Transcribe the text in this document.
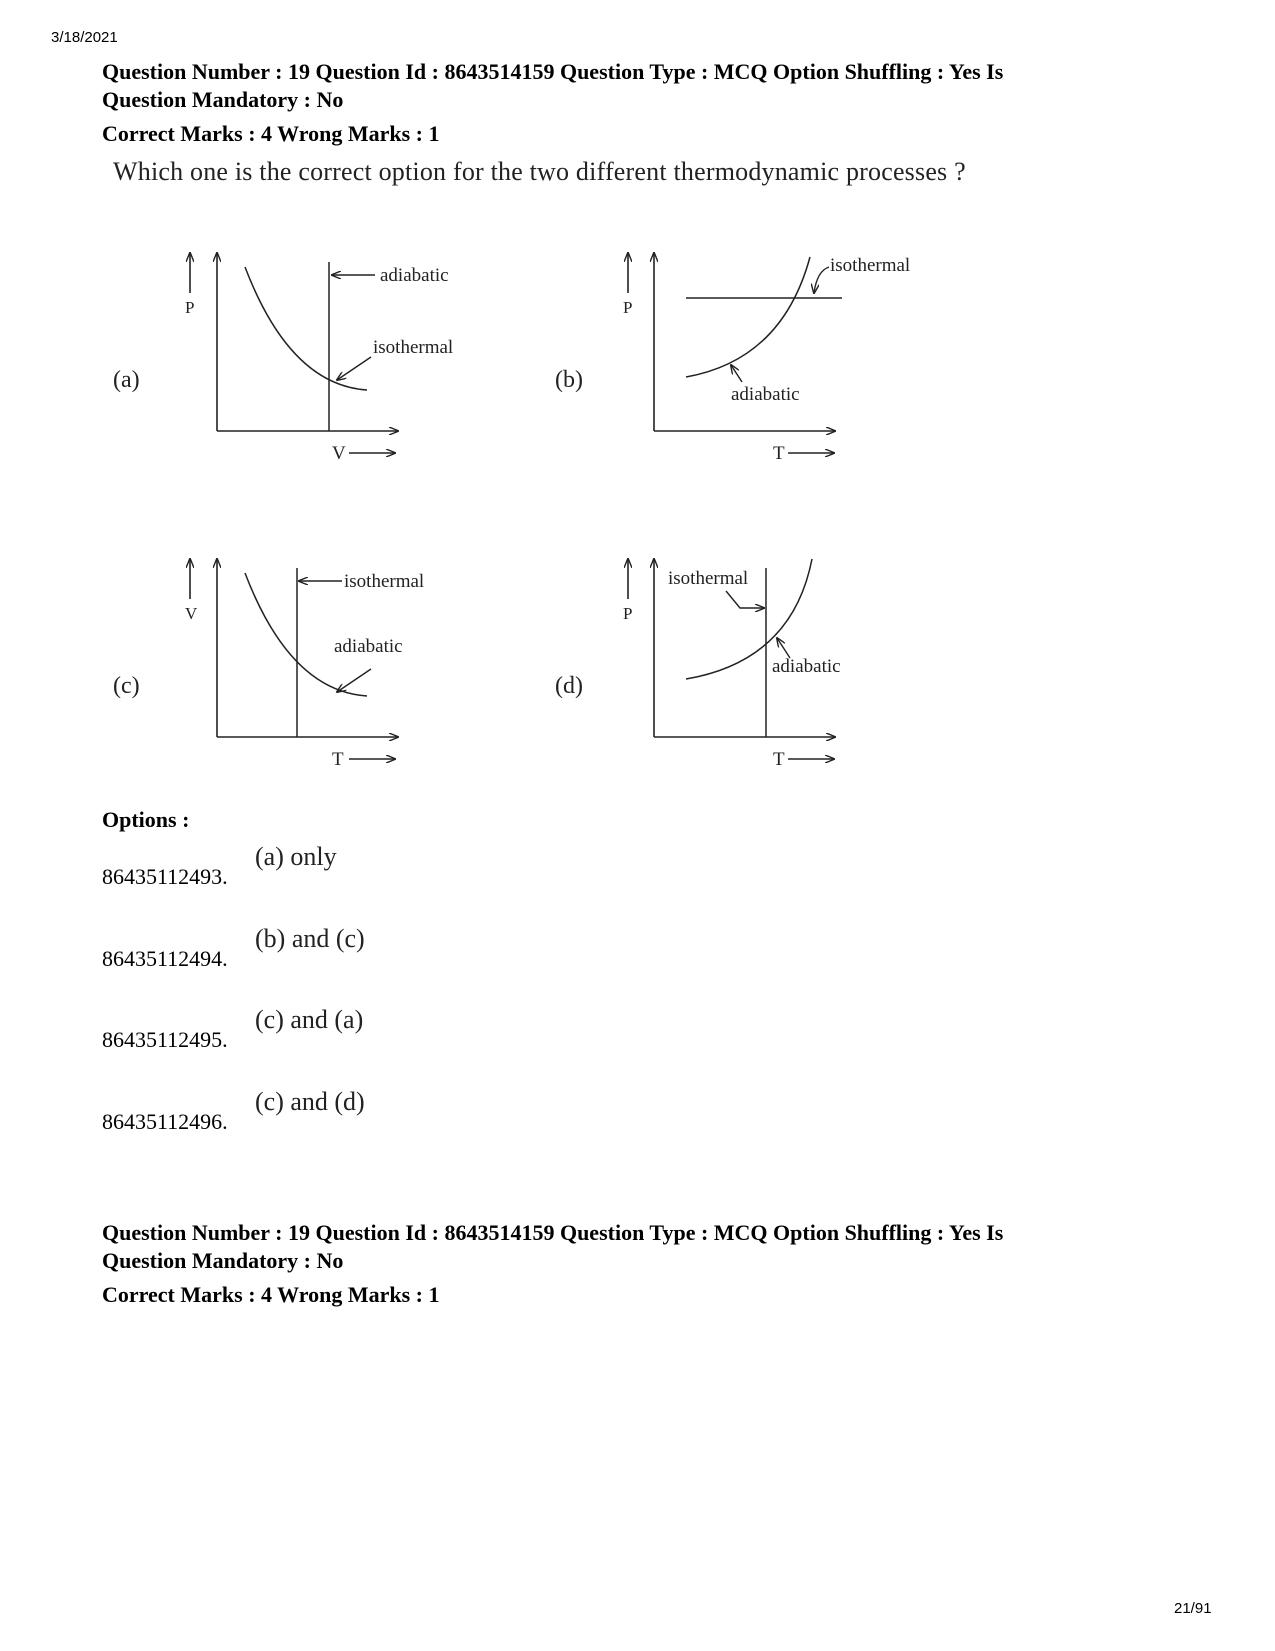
3/18/2021

Question Number : 19 Question Id : 8643514159 Question Type : MCQ Option Shuffling : Yes Is

Question Mandatory : No

Correct Marks : 4 Wrong Marks : 1

Which one is the correct option for the two different thermodynamic processes ?
(a)
P
V
adiabatic
isothermal
(b)
P
T
isothermal
adiabatic
(c)
V
T
isothermal
adiabatic
(d)
P
T
isothermal
adiabatic
Options :
86435112493.
(a) only
86435112494.
(b) and (c)
86435112495.
(c) and (a)
86435112496.
(c) and (d)

Question Number : 19 Question Id : 8643514159 Question Type : MCQ Option Shuffling : Yes Is

Question Mandatory : No

Correct Marks : 4 Wrong Marks : 1

21/91
